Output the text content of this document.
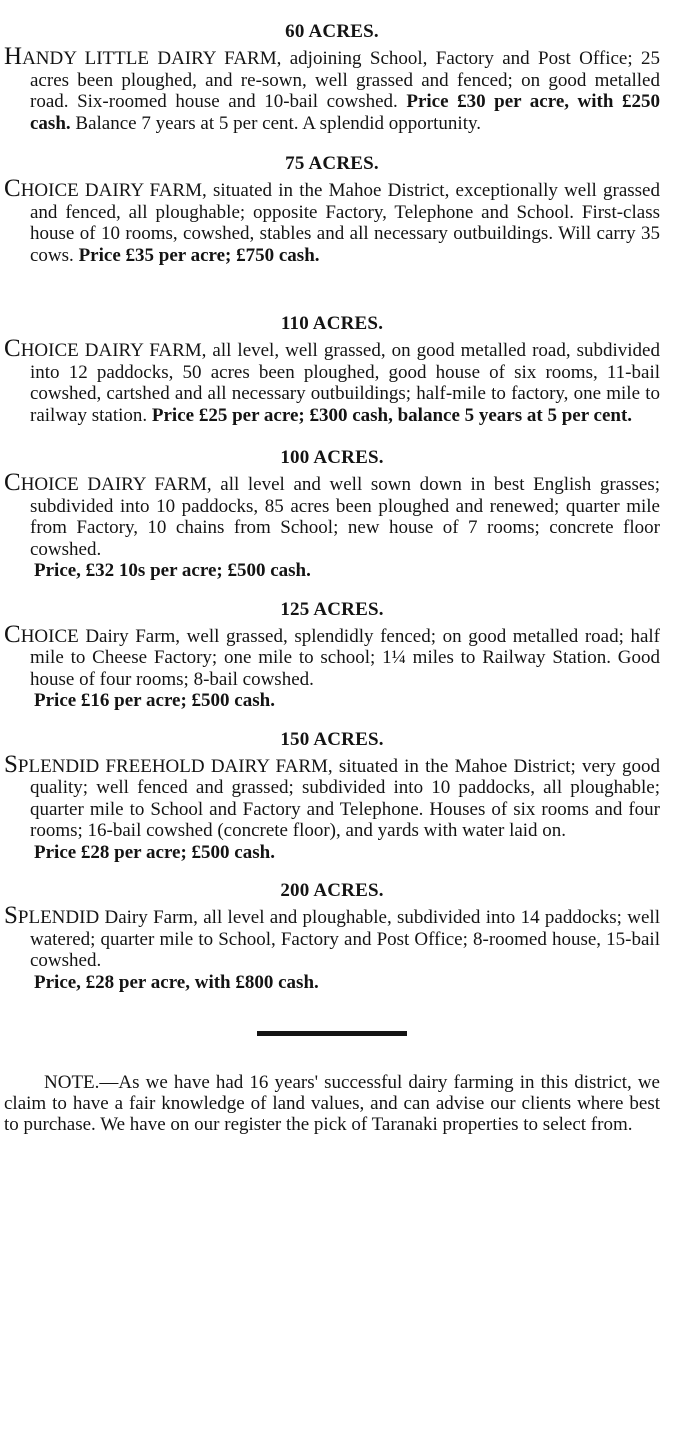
60 ACRES.

HANDY LITTLE DAIRY FARM, adjoining School, Factory and Post Office; 25 acres been ploughed, and re-sown, well grassed and fenced; on good metalled road. Six-roomed house and 10-bail cowshed. Price £30 per acre, with £250 cash. Balance 7 years at 5 per cent. A splendid opportunity.

75 ACRES.

CHOICE DAIRY FARM, situated in the Mahoe District, exceptionally well grassed and fenced, all ploughable; opposite Factory, Telephone and School. First-class house of 10 rooms, cowshed, stables and all necessary outbuildings. Will carry 35 cows. Price £35 per acre; £750 cash.

110 ACRES.

CHOICE DAIRY FARM, all level, well grassed, on good metalled road, subdivided into 12 paddocks, 50 acres been ploughed, good house of six rooms, 11-bail cowshed, cartshed and all necessary outbuildings; half-mile to factory, one mile to railway station. Price £25 per acre; £300 cash, balance 5 years at 5 per cent.

100 ACRES.

CHOICE DAIRY FARM, all level and well sown down in best English grasses; subdivided into 10 paddocks, 85 acres been ploughed and renewed; quarter mile from Factory, 10 chains from School; new house of 7 rooms; concrete floor cowshed.

Price, £32 10s per acre; £500 cash.

125 ACRES.

CHOICE Dairy Farm, well grassed, splendidly fenced; on good metalled road; half mile to Cheese Factory; one mile to school; 1¼ miles to Railway Station. Good house of four rooms; 8-bail cowshed.

Price £16 per acre; £500 cash.

150 ACRES.

SPLENDID FREEHOLD DAIRY FARM, situated in the Mahoe District; very good quality; well fenced and grassed; subdivided into 10 paddocks, all ploughable; quarter mile to School and Factory and Telephone. Houses of six rooms and four rooms; 16-bail cowshed (concrete floor), and yards with water laid on.

Price £28 per acre; £500 cash.

200 ACRES.

SPLENDID Dairy Farm, all level and ploughable, subdivided into 14 paddocks; well watered; quarter mile to School, Factory and Post Office; 8-roomed house, 15-bail cowshed.

Price, £28 per acre, with £800 cash.

NOTE.—As we have had 16 years' successful dairy farming in this district, we claim to have a fair knowledge of land values, and can advise our clients where best to purchase. We have on our register the pick of Taranaki properties to select from.
